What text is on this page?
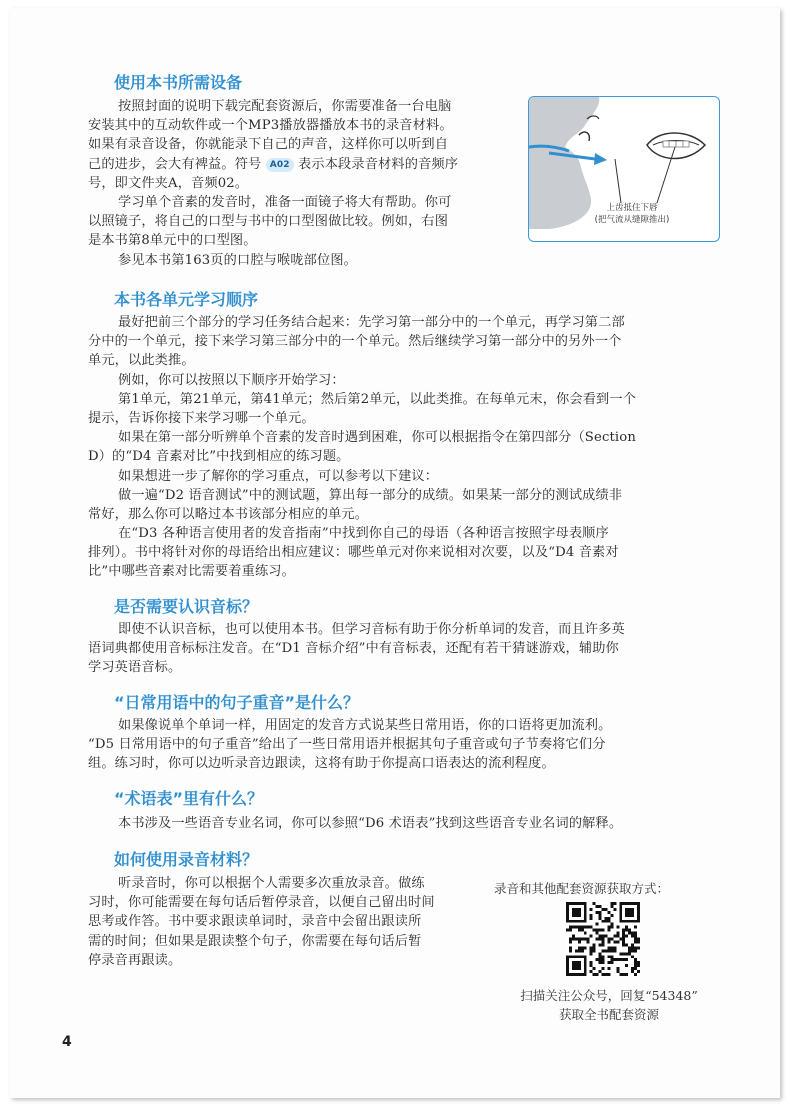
使用本书所需设备
按照封面的说明下载完配套资源后，你需要准备一台电脑
安装其中的互动软件或一个MP3播放器播放本书的录音材料。
如果有录音设备，你就能录下自己的声音，这样你可以听到自
己的进步，会大有裨益。符号 A02 表示本段录音材料的音频序
号，即文件夹A，音频02。
学习单个音素的发音时，准备一面镜子将大有帮助。你可
以照镜子，将自己的口型与书中的口型图做比较。例如，右图
是本书第8单元中的口型图。
参见本书第163页的口腔与喉咙部位图。
上齿抵住下唇
(把气流从缝隙推出)
本书各单元学习顺序
最好把前三个部分的学习任务结合起来：先学习第一部分中的一个单元，再学习第二部
分中的一个单元，接下来学习第三部分中的一个单元。然后继续学习第一部分中的另外一个
单元，以此类推。
例如，你可以按照以下顺序开始学习：
第1单元，第21单元，第41单元；然后第2单元，以此类推。在每单元末，你会看到一个
提示，告诉你接下来学习哪一个单元。
如果在第一部分听辨单个音素的发音时遇到困难，你可以根据指令在第四部分（Section
D）的“D4 音素对比”中找到相应的练习题。
如果想进一步了解你的学习重点，可以参考以下建议：
做一遍“D2 语音测试”中的测试题，算出每一部分的成绩。如果某一部分的测试成绩非
常好，那么你可以略过本书该部分相应的单元。
在“D3 各种语言使用者的发音指南”中找到你自己的母语（各种语言按照字母表顺序
排列）。书中将针对你的母语给出相应建议：哪些单元对你来说相对次要，以及“D4 音素对
比”中哪些音素对比需要着重练习。
是否需要认识音标？
即使不认识音标，也可以使用本书。但学习音标有助于你分析单词的发音，而且许多英
语词典都使用音标标注发音。在“D1 音标介绍”中有音标表，还配有若干猜谜游戏，辅助你
学习英语音标。
“日常用语中的句子重音”是什么？
如果像说单个单词一样，用固定的发音方式说某些日常用语，你的口语将更加流利。
“D5 日常用语中的句子重音”给出了一些日常用语并根据其句子重音或句子节奏将它们分
组。练习时，你可以边听录音边跟读，这将有助于你提高口语表达的流利程度。
“术语表”里有什么？
本书涉及一些语音专业名词，你可以参照“D6 术语表”找到这些语音专业名词的解释。
如何使用录音材料？
听录音时，你可以根据个人需要多次重放录音。做练
习时，你可能需要在每句话后暂停录音，以便自己留出时间
思考或作答。书中要求跟读单词时，录音中会留出跟读所
需的时间；但如果是跟读整个句子，你需要在每句话后暂
停录音再跟读。
录音和其他配套资源获取方式：
扫描关注公众号，回复“54348”
获取全书配套资源
4
